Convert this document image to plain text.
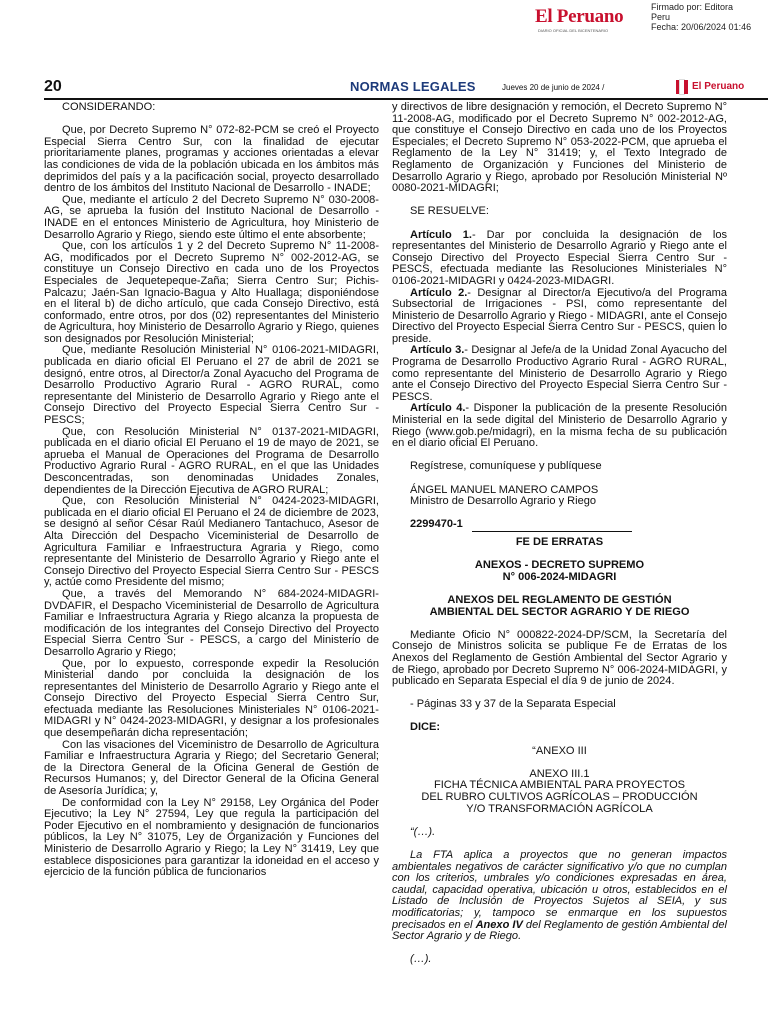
El Peruano
DIARIO OFICIAL DEL BICENTENARIO
Firmado por: Editora
Peru
Fecha: 20/06/2024 01:46
20	NORMAS LEGALES	Jueves 20 de junio de 2024 /	El Peruano

CONSIDERANDO:

Que, por Decreto Supremo N° 072-82-PCM se creó el Proyecto Especial Sierra Centro Sur, con la finalidad de ejecutar prioritariamente planes, programas y acciones orientadas a elevar las condiciones de vida de la población ubicada en los ámbitos más deprimidos del país y a la pacificación social, proyecto desarrollado dentro de los ámbitos del Instituto Nacional de Desarrollo - INADE;

Que, mediante el artículo 2 del Decreto Supremo N° 030-2008-AG, se aprueba la fusión del Instituto Nacional de Desarrollo - INADE en el entonces Ministerio de Agricultura, hoy Ministerio de Desarrollo Agrario y Riego, siendo este último el ente absorbente;

Que, con los artículos 1 y 2 del Decreto Supremo N° 11-2008-AG, modificados por el Decreto Supremo N° 002-2012-AG, se constituye un Consejo Directivo en cada uno de los Proyectos Especiales de Jequetepeque-Zaña; Sierra Centro Sur; Pichis-Palcazu; Jaén-San Ignacio-Bagua y Alto Huallaga; disponiéndose en el literal b) de dicho artículo, que cada Consejo Directivo, está conformado, entre otros, por dos (02) representantes del Ministerio de Agricultura, hoy Ministerio de Desarrollo Agrario y Riego, quienes son designados por Resolución Ministerial;

Que, mediante Resolución Ministerial N° 0106-2021-MIDAGRI, publicada en diario oficial El Peruano el 27 de abril de 2021 se designó, entre otros, al Director/a Zonal Ayacucho del Programa de Desarrollo Productivo Agrario Rural - AGRO RURAL, como representante del Ministerio de Desarrollo Agrario y Riego ante el Consejo Directivo del Proyecto Especial Sierra Centro Sur - PESCS;

Que, con Resolución Ministerial N° 0137-2021-MIDAGRI, publicada en el diario oficial El Peruano el 19 de mayo de 2021, se aprueba el Manual de Operaciones del Programa de Desarrollo Productivo Agrario Rural - AGRO RURAL, en el que las Unidades Desconcentradas, son denominadas Unidades Zonales, dependientes de la Dirección Ejecutiva de AGRO RURAL;

Que, con Resolución Ministerial N° 0424-2023-MIDAGRI, publicada en el diario oficial El Peruano el 24 de diciembre de 2023, se designó al señor César Raúl Medianero Tantachuco, Asesor de Alta Dirección del Despacho Viceministerial de Desarrollo de Agricultura Familiar e Infraestructura Agraria y Riego, como representante del Ministerio de Desarrollo Agrario y Riego ante el Consejo Directivo del Proyecto Especial Sierra Centro Sur - PESCS y, actúe como Presidente del mismo;

Que, a través del Memorando N° 684-2024-MIDAGRI-DVDAFIR, el Despacho Viceministerial de Desarrollo de Agricultura Familiar e Infraestructura Agraria y Riego alcanza la propuesta de modificación de los integrantes del Consejo Directivo del Proyecto Especial Sierra Centro Sur - PESCS, a cargo del Ministerio de Desarrollo Agrario y Riego;

Que, por lo expuesto, corresponde expedir la Resolución Ministerial dando por concluida la designación de los representantes del Ministerio de Desarrollo Agrario y Riego ante el Consejo Directivo del Proyecto Especial Sierra Centro Sur, efectuada mediante las Resoluciones Ministeriales N° 0106-2021-MIDAGRI y N° 0424-2023-MIDAGRI, y designar a los profesionales que desempeñarán dicha representación;

Con las visaciones del Viceministro de Desarrollo de Agricultura Familiar e Infraestructura Agraria y Riego; del Secretario General; de la Directora General de la Oficina General de Gestión de Recursos Humanos; y, del Director General de la Oficina General de Asesoría Jurídica; y,

De conformidad con la Ley N° 29158, Ley Orgánica del Poder Ejecutivo; la Ley N° 27594, Ley que regula la participación del Poder Ejecutivo en el nombramiento y designación de funcionarios públicos, la Ley N° 31075, Ley de Organización y Funciones del Ministerio de Desarrollo Agrario y Riego; la Ley N° 31419, Ley que establece disposiciones para garantizar la idoneidad en el acceso y ejercicio de la función pública de funcionarios

y directivos de libre designación y remoción, el Decreto Supremo N° 11-2008-AG, modificado por el Decreto Supremo N° 002-2012-AG, que constituye el Consejo Directivo en cada uno de los Proyectos Especiales; el Decreto Supremo N° 053-2022-PCM, que aprueba el Reglamento de la Ley N° 31419; y, el Texto Integrado de Reglamento de Organización y Funciones del Ministerio de Desarrollo Agrario y Riego, aprobado por Resolución Ministerial Nº 0080-2021-MIDAGRI;

SE RESUELVE:

Artículo 1.- Dar por concluida la designación de los representantes del Ministerio de Desarrollo Agrario y Riego ante el Consejo Directivo del Proyecto Especial Sierra Centro Sur - PESCS, efectuada mediante las Resoluciones Ministeriales N° 0106-2021-MIDAGRI y 0424-2023-MIDAGRI.

Artículo 2.- Designar al Director/a Ejecutivo/a del Programa Subsectorial de Irrigaciones - PSI, como representante del Ministerio de Desarrollo Agrario y Riego - MIDAGRI, ante el Consejo Directivo del Proyecto Especial Sierra Centro Sur - PESCS, quien lo preside.

Artículo 3.- Designar al Jefe/a de la Unidad Zonal Ayacucho del Programa de Desarrollo Productivo Agrario Rural - AGRO RURAL, como representante del Ministerio de Desarrollo Agrario y Riego ante el Consejo Directivo del Proyecto Especial Sierra Centro Sur - PESCS.

Artículo 4.- Disponer la publicación de la presente Resolución Ministerial en la sede digital del Ministerio de Desarrollo Agrario y Riego (www.gob.pe/midagri), en la misma fecha de su publicación en el diario oficial El Peruano.

Regístrese, comuníquese y publíquese

ÁNGEL MANUEL MANERO CAMPOS

Ministro de Desarrollo Agrario y Riego

2299470-1

FE DE ERRATAS

ANEXOS - DECRETO SUPREMO

N° 006-2024-MIDAGRI

ANEXOS DEL REGLAMENTO DE GESTIÓN

AMBIENTAL DEL SECTOR AGRARIO Y DE RIEGO

Mediante Oficio N° 000822-2024-DP/SCM, la Secretaría del Consejo de Ministros solicita se publique Fe de Erratas de los Anexos del Reglamento de Gestión Ambiental del Sector Agrario y de Riego, aprobado por Decreto Supremo N° 006-2024-MIDAGRI, y publicado en Separata Especial el día 9 de junio de 2024.

- Páginas 33 y 37 de la Separata Especial

DICE:

“ANEXO III

ANEXO III.1

FICHA TÉCNICA AMBIENTAL PARA PROYECTOS

DEL RUBRO CULTIVOS AGRÍCOLAS – PRODUCCIÓN

Y/O TRANSFORMACIÓN AGRÍCOLA

“(…).

La FTA aplica a proyectos que no generan impactos ambientales negativos de carácter significativo y/o que no cumplan con los criterios, umbrales y/o condiciones expresadas en área, caudal, capacidad operativa, ubicación u otros, establecidos en el Listado de Inclusión de Proyectos Sujetos al SEIA, y sus modificatorias; y, tampoco se enmarque en los supuestos precisados en el Anexo IV del Reglamento de gestión Ambiental del Sector Agrario y de Riego.

(…).
